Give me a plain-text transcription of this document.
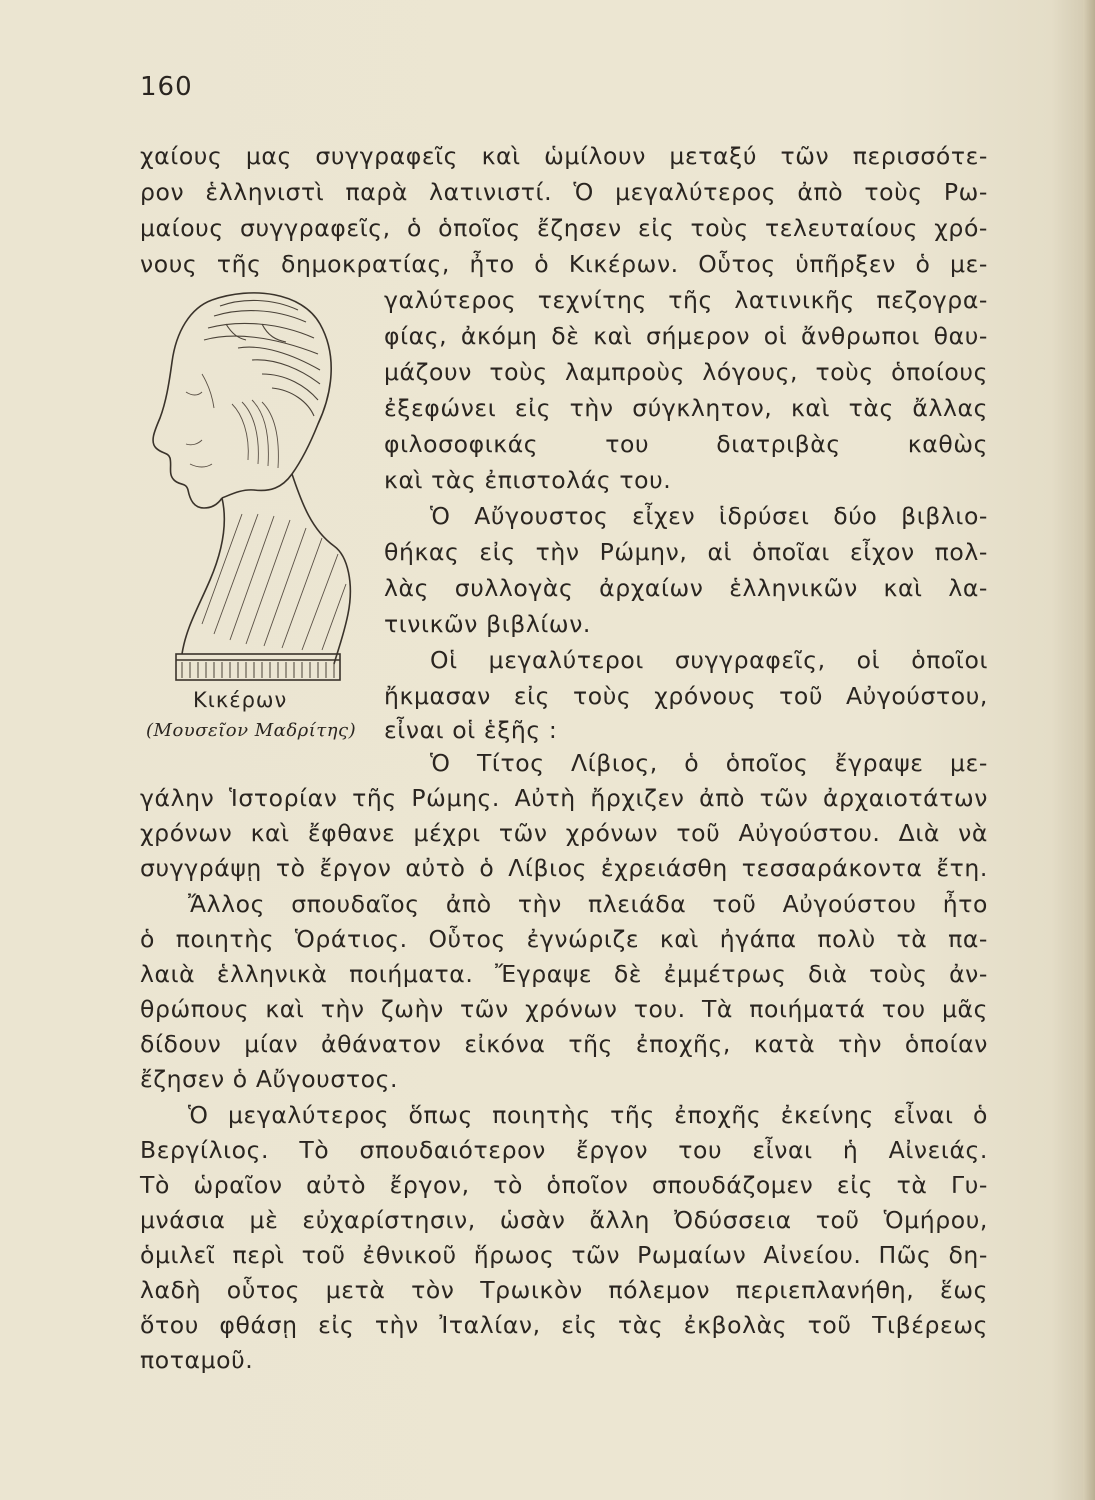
160
Κικέρων
(Μουσεῖον Μαδρίτης)
χαίους μας συγγραφεῖς καὶ ὡμίλουν μεταξύ τῶν περισσότε-
ρον ἑλληνιστὶ παρὰ λατινιστί. Ὁ μεγαλύτερος ἀπὸ τοὺς Ρω-
μαίους συγγραφεῖς, ὁ ὁποῖος ἔζησεν εἰς τοὺς τελευταίους χρό-
νους τῆς δημοκρατίας, ἦτο ὁ Κικέρων. Οὗτος ὑπῆρξεν ὁ με-
γαλύτερος τεχνίτης τῆς λατινικῆς πεζογρα-
φίας, ἀκόμη δὲ καὶ σήμερον οἱ ἄνθρωποι θαυ-
μάζουν τοὺς λαμπροὺς λόγους, τοὺς ὁποίους
ἐξεφώνει εἰς τὴν σύγκλητον, καὶ τὰς ἄλλας
φιλοσοφικάς του διατριβὰς καθὼς
καὶ τὰς ἐπιστολάς του.
Ὁ Αὔγουστος εἶχεν ἱδρύσει δύο βιβλιο-
θήκας εἰς τὴν Ρώμην, αἱ ὁποῖαι εἶχον πολ-
λὰς συλλογὰς ἀρχαίων ἑλληνικῶν καὶ λα-
τινικῶν βιβλίων.
Οἱ μεγαλύτεροι συγγραφεῖς, οἱ ὁποῖοι
ἤκμασαν εἰς τοὺς χρόνους τοῦ Αὐγούστου,
εἶναι οἱ ἑξῆς :
Ὁ Τίτος Λίβιος, ὁ ὁποῖος ἔγραψε με-
γάλην Ἱστορίαν τῆς Ρώμης. Αὐτὴ ἤρχιζεν ἀπὸ τῶν ἀρχαιοτάτων
χρόνων καὶ ἔφθανε μέχρι τῶν χρόνων τοῦ Αὐγούστου. Διὰ νὰ
συγγράψῃ τὸ ἔργον αὐτὸ ὁ Λίβιος ἐχρειάσθη τεσσαράκοντα ἔτη.
Ἄλλος σπουδαῖος ἀπὸ τὴν πλειάδα τοῦ Αὐγούστου ἦτο
ὁ ποιητὴς Ὁράτιος. Οὗτος ἐγνώριζε καὶ ἠγάπα πολὺ τὰ πα-
λαιὰ ἑλληνικὰ ποιήματα. Ἔγραψε δὲ ἐμμέτρως διὰ τοὺς ἀν-
θρώπους καὶ τὴν ζωὴν τῶν χρόνων του. Τὰ ποιήματά του μᾶς
δίδουν μίαν ἀθάνατον εἰκόνα τῆς ἐποχῆς, κατὰ τὴν ὁποίαν
ἔζησεν ὁ Αὔγουστος.
Ὁ μεγαλύτερος ὅπως ποιητὴς τῆς ἐποχῆς ἐκείνης εἶναι ὁ
Βεργίλιος. Τὸ σπουδαιότερον ἔργον του εἶναι ἡ Αἰνειάς.
Τὸ ὡραῖον αὐτὸ ἔργον, τὸ ὁποῖον σπουδάζομεν εἰς τὰ Γυ-
μνάσια μὲ εὐχαρίστησιν, ὡσὰν ἄλλη Ὀδύσσεια τοῦ Ὁμήρου,
ὁμιλεῖ περὶ τοῦ ἐθνικοῦ ἥρωος τῶν Ρωμαίων Αἰνείου. Πῶς δη-
λαδὴ οὗτος μετὰ τὸν Τρωικὸν πόλεμον περιεπλανήθη, ἕως
ὅτου φθάσῃ εἰς τὴν Ἰταλίαν, εἰς τὰς ἐκβολὰς τοῦ Τιβέρεως
ποταμοῦ.
